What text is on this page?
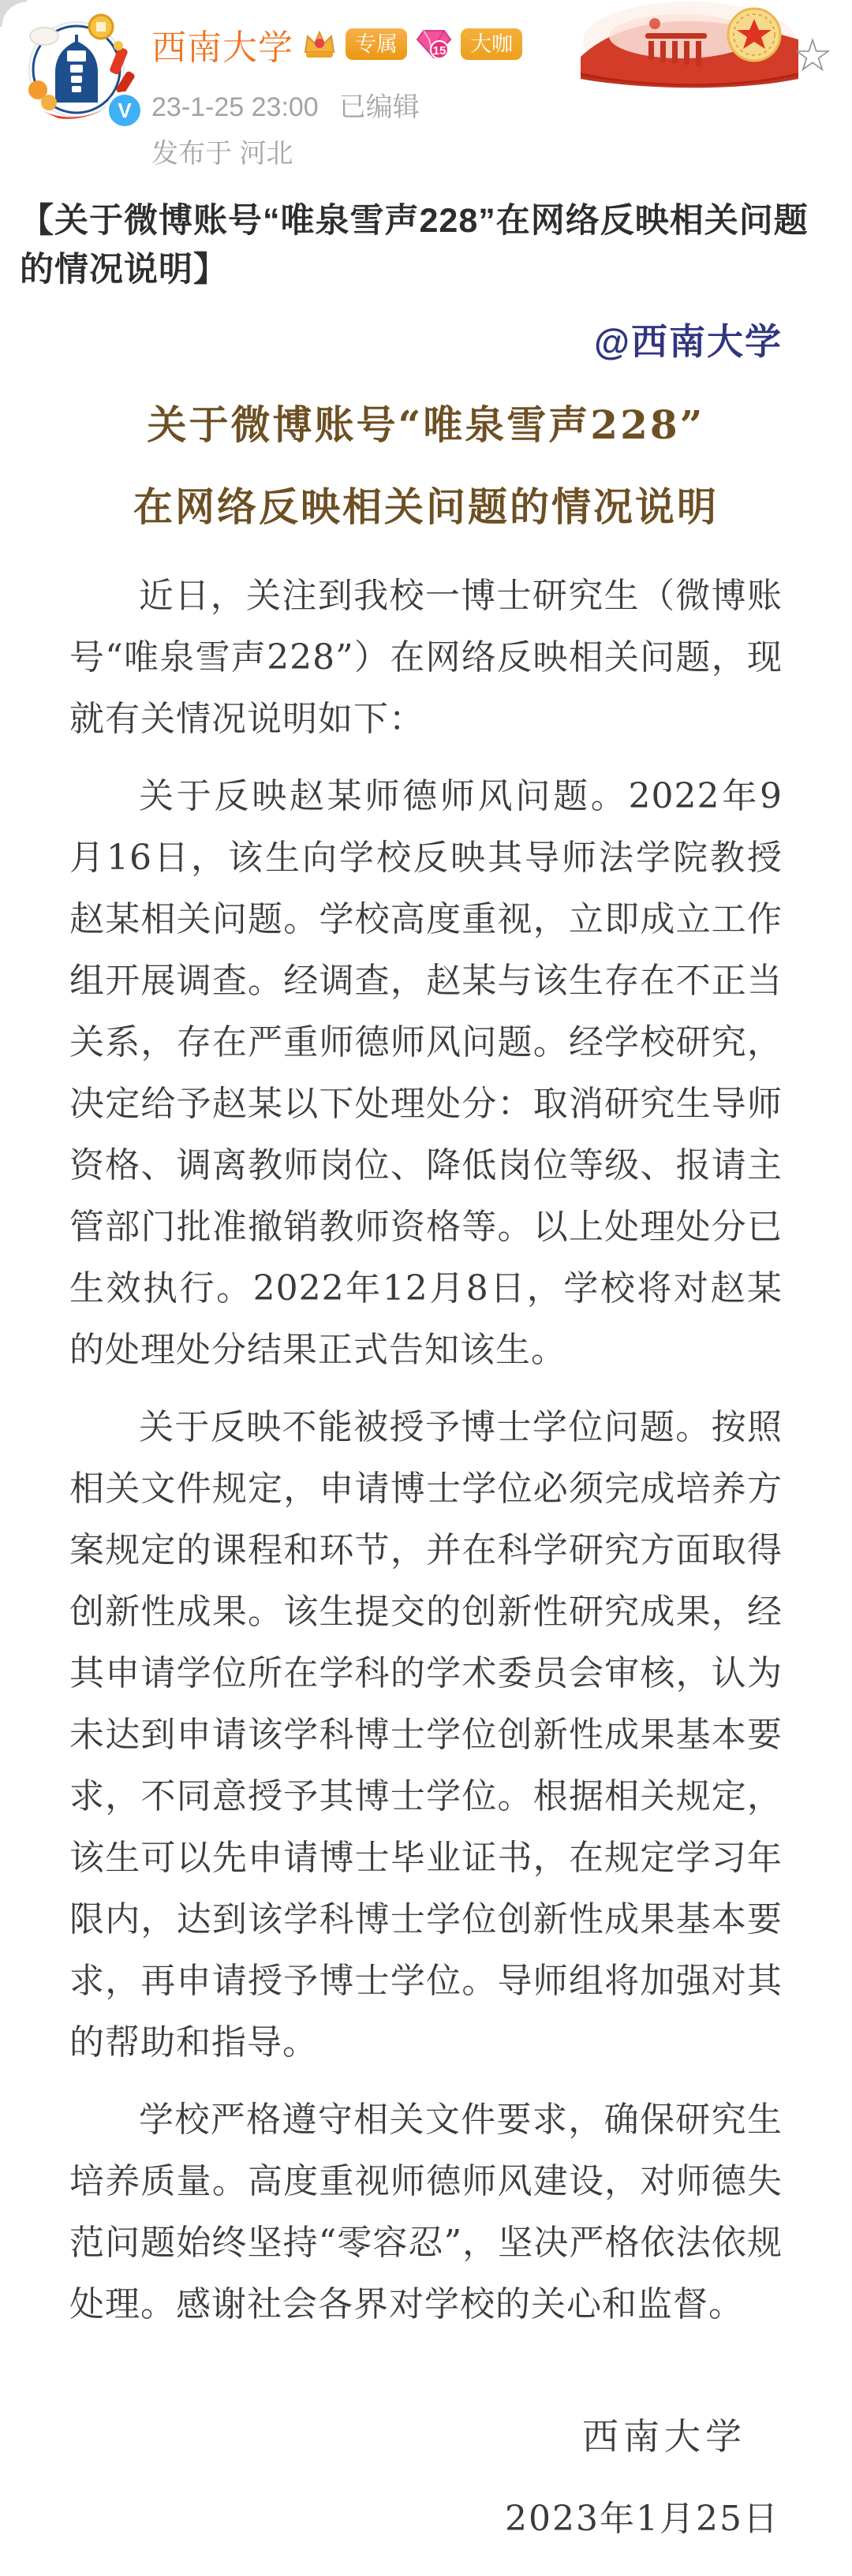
V
西南大学	专属	15	大咖
23-1-25 23:00 已编辑
发布于 河北
☆
【关于微博账号“唯泉雪声228”在网络反映相关问题的情况说明】
@西南大学
关于微博账号“唯泉雪声228”
在网络反映相关问题的情况说明

近日，关注到我校一博士研究生（微博账号“唯泉雪声228”）在网络反映相关问题，现就有关情况说明如下：

关于反映赵某师德师风问题。2022年9月16日，该生向学校反映其导师法学院教授赵某相关问题。学校高度重视，立即成立工作组开展调查。经调查，赵某与该生存在不正当关系，存在严重师德师风问题。经学校研究，决定给予赵某以下处理处分：取消研究生导师资格、调离教师岗位、降低岗位等级、报请主管部门批准撤销教师资格等。以上处理处分已生效执行。2022年12月8日，学校将对赵某的处理处分结果正式告知该生。

关于反映不能被授予博士学位问题。按照相关文件规定，申请博士学位必须完成培养方案规定的课程和环节，并在科学研究方面取得创新性成果。该生提交的创新性研究成果，经其申请学位所在学科的学术委员会审核，认为未达到申请该学科博士学位创新性成果基本要求，不同意授予其博士学位。根据相关规定，该生可以先申请博士毕业证书，在规定学习年限内，达到该学科博士学位创新性成果基本要求，再申请授予博士学位。导师组将加强对其的帮助和指导。

学校严格遵守相关文件要求，确保研究生培养质量。高度重视师德师风建设，对师德失范问题始终坚持“零容忍”，坚决严格依法依规处理。感谢社会各界对学校的关心和监督。

西南大学
2023年1月25日
